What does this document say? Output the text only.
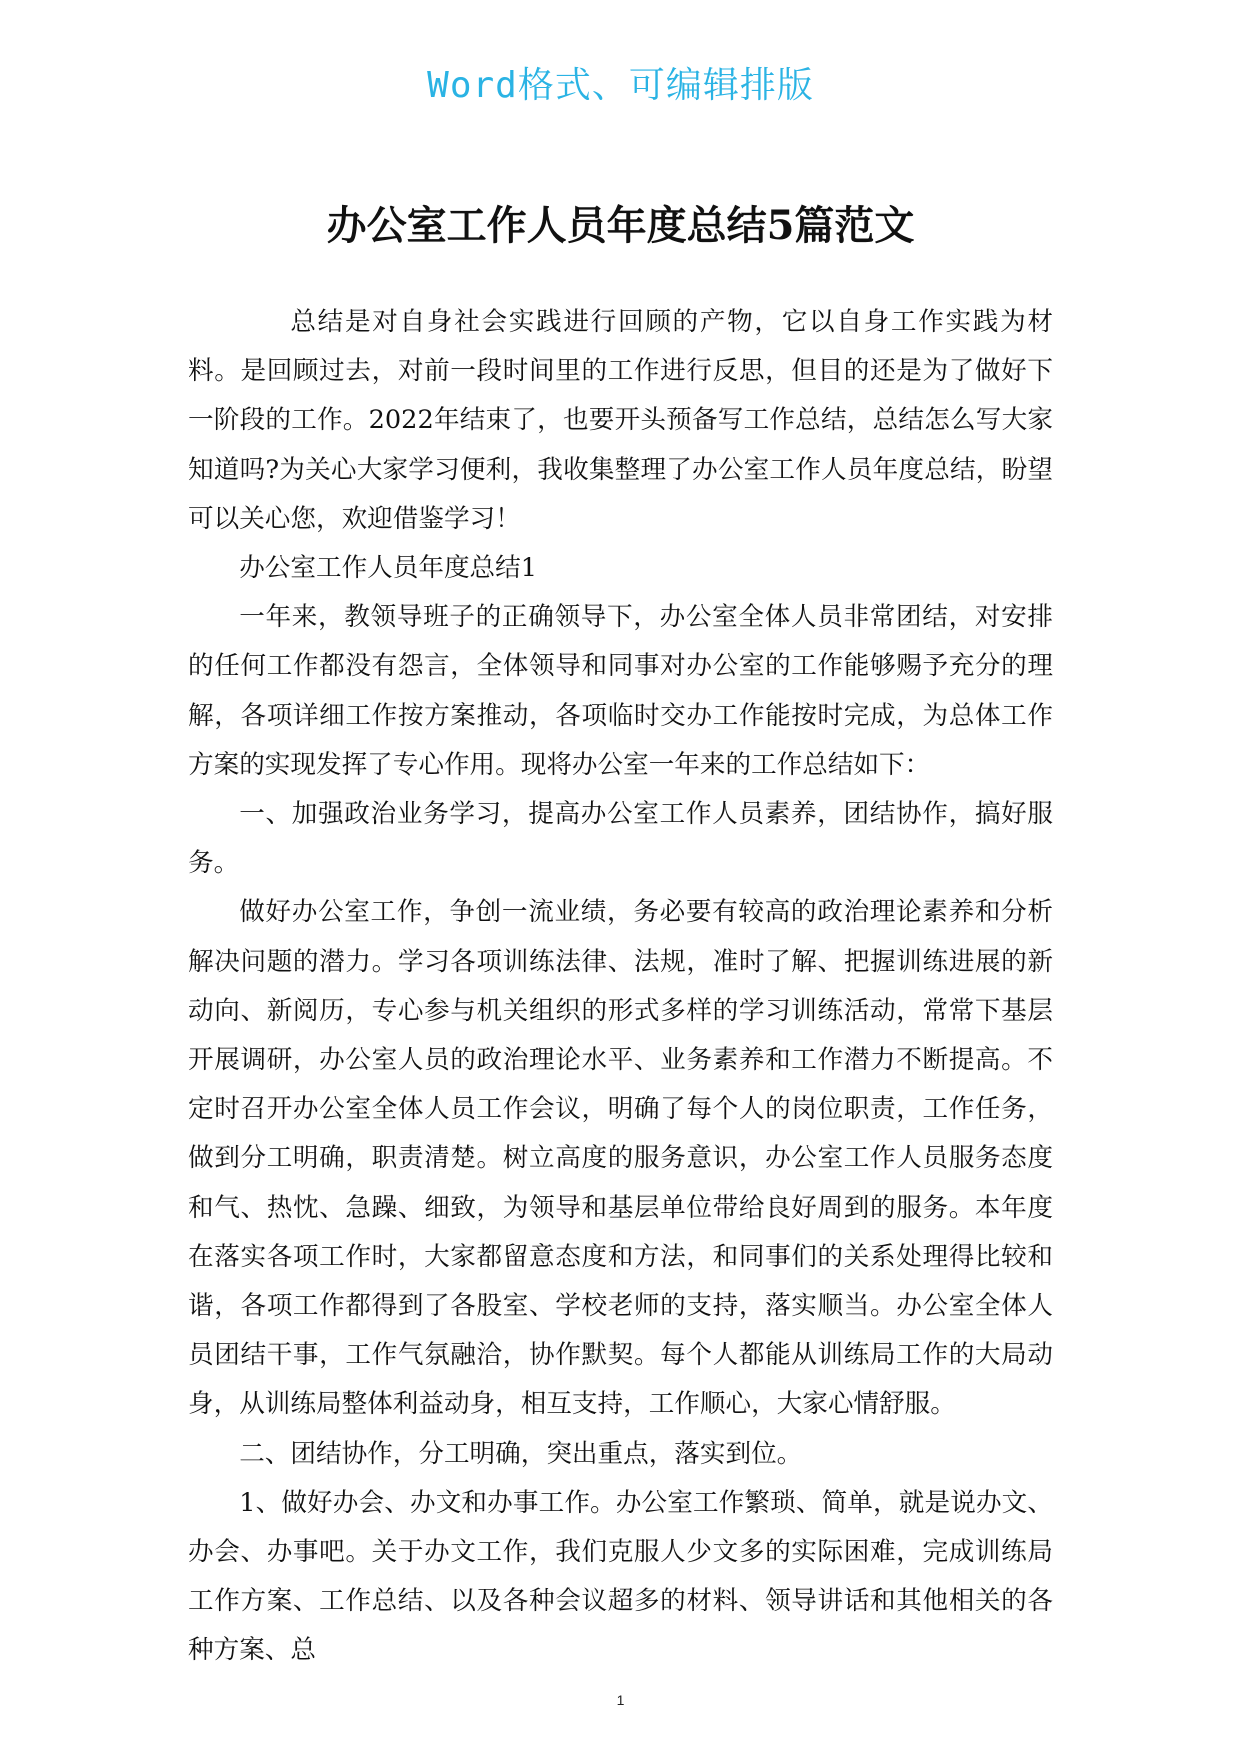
Word格式、可编辑排版
办公室工作人员年度总结5篇范文

总结是对自身社会实践进行回顾的产物，它以自身工作实践为材料。是回顾过去，对前一段时间里的工作进行反思，但目的还是为了做好下一阶段的工作。2022年结束了，也要开头预备写工作总结，总结怎么写大家知道吗?为关心大家学习便利，我收集整理了办公室工作人员年度总结，盼望可以关心您，欢迎借鉴学习！

办公室工作人员年度总结1

一年来，教领导班子的正确领导下，办公室全体人员非常团结，对安排的任何工作都没有怨言，全体领导和同事对办公室的工作能够赐予充分的理解，各项详细工作按方案推动，各项临时交办工作能按时完成，为总体工作方案的实现发挥了专心作用。现将办公室一年来的工作总结如下：

一、加强政治业务学习，提高办公室工作人员素养，团结协作，搞好服务。

做好办公室工作，争创一流业绩，务必要有较高的政治理论素养和分析解决问题的潜力。学习各项训练法律、法规，准时了解、把握训练进展的新动向、新阅历，专心参与机关组织的形式多样的学习训练活动，常常下基层开展调研，办公室人员的政治理论水平、业务素养和工作潜力不断提高。不定时召开办公室全体人员工作会议，明确了每个人的岗位职责，工作任务，做到分工明确，职责清楚。树立高度的服务意识，办公室工作人员服务态度和气、热忱、急躁、细致，为领导和基层单位带给良好周到的服务。本年度在落实各项工作时，大家都留意态度和方法，和同事们的关系处理得比较和谐，各项工作都得到了各股室、学校老师的支持，落实顺当。办公室全体人员团结干事，工作气氛融洽，协作默契。每个人都能从训练局工作的大局动身，从训练局整体利益动身，相互支持，工作顺心，大家心情舒服。

二、团结协作，分工明确，突出重点，落实到位。

1、做好办会、办文和办事工作。办公室工作繁琐、简单，就是说办文、办会、办事吧。关于办文工作，我们克服人少文多的实际困难，完成训练局工作方案、工作总结、以及各种会议超多的材料、领导讲话和其他相关的各种方案、总

1
